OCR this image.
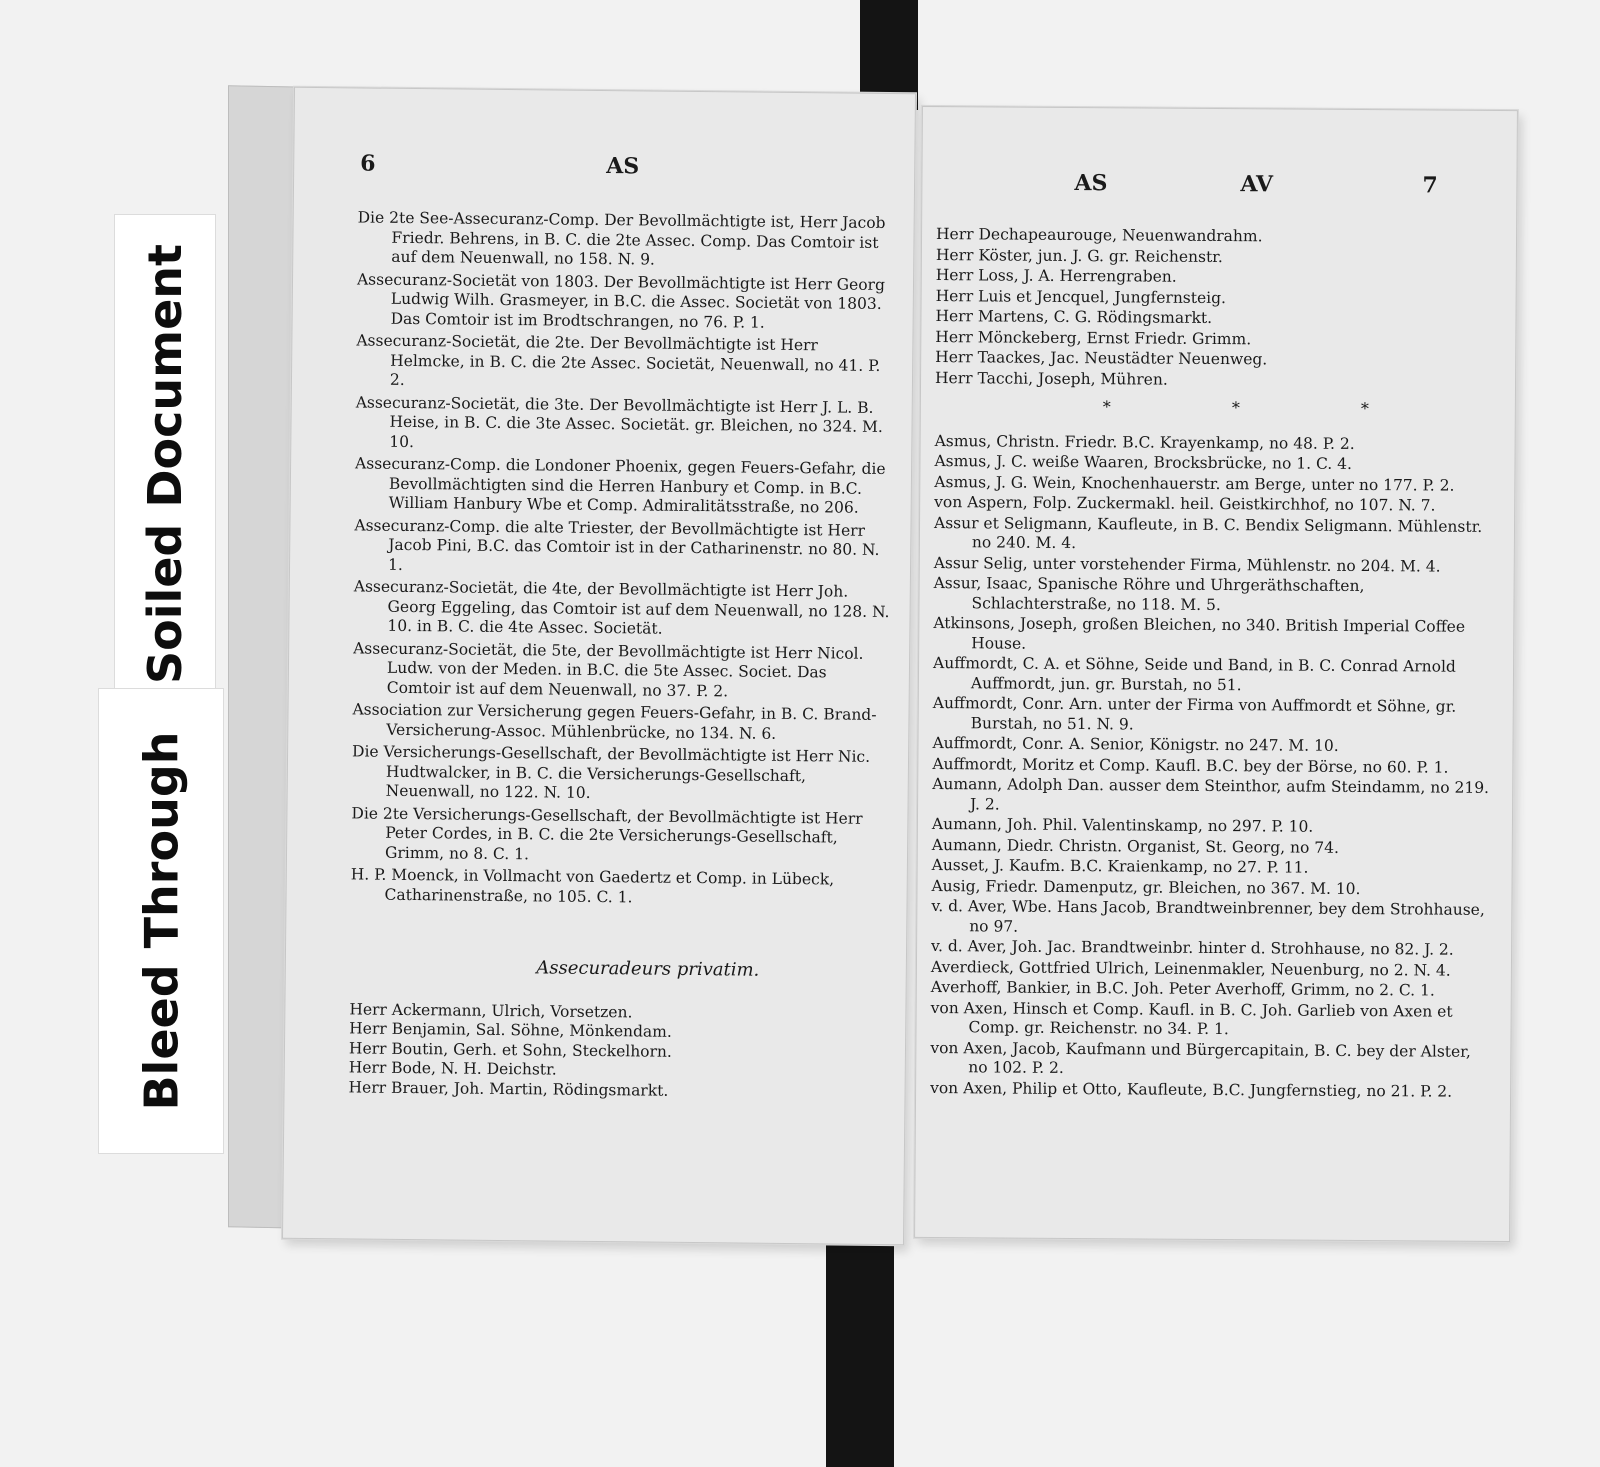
6	AS
Die 2te See-Assecuranz-Comp. Der Bevollmächtigte ist, Herr Jacob Friedr. Behrens, in B. C. die 2te Assec. Comp. Das Comtoir ist auf dem Neuenwall, no 158. N. 9.
Assecuranz-Societät von 1803. Der Bevollmächtigte ist Herr Georg Ludwig Wilh. Grasmeyer, in B.C. die Assec. Societät von 1803. Das Comtoir ist im Brodtschrangen, no 76. P. 1.
Assecuranz-Societät, die 2te. Der Bevollmächtigte ist Herr Helmcke, in B. C. die 2te Assec. Societät, Neuenwall, no 41. P. 2.
Assecuranz-Societät, die 3te. Der Bevollmächtigte ist Herr J. L. B. Heise, in B. C. die 3te Assec. Societät. gr. Bleichen, no 324. M. 10.
Assecuranz-Comp. die Londoner Phoenix, gegen Feuers-Gefahr, die Bevollmächtigten sind die Herren Hanbury et Comp. in B.C. William Hanbury Wbe et Comp. Admiralitätsstraße, no 206.
Assecuranz-Comp. die alte Triester, der Bevollmächtigte ist Herr Jacob Pini, B.C. das Comtoir ist in der Catharinenstr. no 80. N. 1.
Assecuranz-Societät, die 4te, der Bevollmächtigte ist Herr Joh. Georg Eggeling, das Comtoir ist auf dem Neuenwall, no 128. N. 10. in B. C. die 4te Assec. Societät.
Assecuranz-Societät, die 5te, der Bevollmächtigte ist Herr Nicol. Ludw. von der Meden. in B.C. die 5te Assec. Societ. Das Comtoir ist auf dem Neuenwall, no 37. P. 2.
Association zur Versicherung gegen Feuers-Gefahr, in B. C. Brand-Versicherung-Assoc. Mühlenbrücke, no 134. N. 6.
Die Versicherungs-Gesellschaft, der Bevollmächtigte ist Herr Nic. Hudtwalcker, in B. C. die Versicherungs-Gesellschaft, Neuenwall, no 122. N. 10.
Die 2te Versicherungs-Gesellschaft, der Bevollmächtigte ist Herr Peter Cordes, in B. C. die 2te Versicherungs-Gesellschaft, Grimm, no 8. C. 1.
H. P. Moenck, in Vollmacht von Gaedertz et Comp. in Lübeck, Catharinenstraße, no 105. C. 1.
Assecuradeurs privatim.
Herr Ackermann, Ulrich, Vorsetzen.
Herr Benjamin, Sal. Söhne, Mönkendam.
Herr Boutin, Gerh. et Sohn, Steckelhorn.
Herr Bode, N. H. Deichstr.
Herr Brauer, Joh. Martin, Rödingsmarkt.
AS	AV	7
Herr Dechapeaurouge, Neuenwandrahm.
Herr Köster, jun. J. G. gr. Reichenstr.
Herr Loss, J. A. Herrengraben.
Herr Luis et Jencquel, Jungfernsteig.
Herr Martens, C. G. Rödingsmarkt.
Herr Mönckeberg, Ernst Friedr. Grimm.
Herr Taackes, Jac. Neustädter Neuenweg.
Herr Tacchi, Joseph, Mühren.
* * *
Asmus, Christn. Friedr. B.C. Krayenkamp, no 48. P. 2.
Asmus, J. C. weiße Waaren, Brocksbrücke, no 1. C. 4.
Asmus, J. G. Wein, Knochenhauerstr. am Berge, unter no 177. P. 2.
von Aspern, Folp. Zuckermakl. heil. Geistkirchhof, no 107. N. 7.
Assur et Seligmann, Kaufleute, in B. C. Bendix Seligmann. Mühlenstr. no 240. M. 4.
Assur Selig, unter vorstehender Firma, Mühlenstr. no 204. M. 4.
Assur, Isaac, Spanische Röhre und Uhrgeräthschaften, Schlachterstraße, no 118. M. 5.
Atkinsons, Joseph, großen Bleichen, no 340. British Imperial Coffee House.
Auffmordt, C. A. et Söhne, Seide und Band, in B. C. Conrad Arnold Auffmordt, jun. gr. Burstah, no 51.
Auffmordt, Conr. Arn. unter der Firma von Auffmordt et Söhne, gr. Burstah, no 51. N. 9.
Auffmordt, Conr. A. Senior, Königstr. no 247. M. 10.
Auffmordt, Moritz et Comp. Kaufl. B.C. bey der Börse, no 60. P. 1.
Aumann, Adolph Dan. ausser dem Steinthor, aufm Steindamm, no 219. J. 2.
Aumann, Joh. Phil. Valentinskamp, no 297. P. 10.
Aumann, Diedr. Christn. Organist, St. Georg, no 74.
Ausset, J. Kaufm. B.C. Kraienkamp, no 27. P. 11.
Ausig, Friedr. Damenputz, gr. Bleichen, no 367. M. 10.
v. d. Aver, Wbe. Hans Jacob, Brandtweinbrenner, bey dem Strohhause, no 97.
v. d. Aver, Joh. Jac. Brandtweinbr. hinter d. Strohhause, no 82. J. 2.
Averdieck, Gottfried Ulrich, Leinenmakler, Neuenburg, no 2. N. 4.
Averhoff, Bankier, in B.C. Joh. Peter Averhoff, Grimm, no 2. C. 1.
von Axen, Hinsch et Comp. Kaufl. in B. C. Joh. Garlieb von Axen et Comp. gr. Reichenstr. no 34. P. 1.
von Axen, Jacob, Kaufmann und Bürgercapitain, B. C. bey der Alster, no 102. P. 2.
von Axen, Philip et Otto, Kaufleute, B.C. Jungfernstieg, no 21. P. 2.
Soiled Document
Bleed Through
